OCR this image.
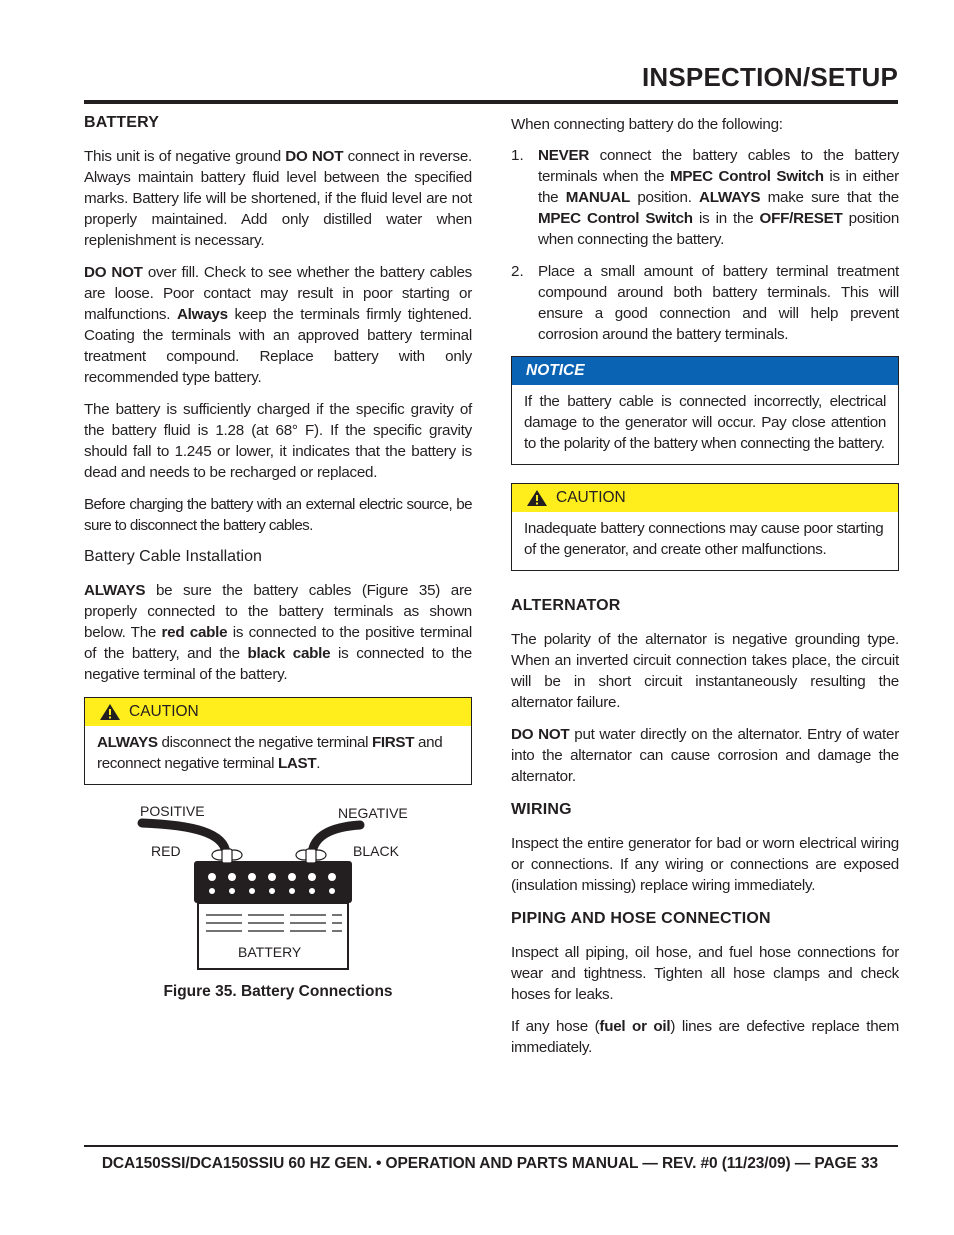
INSPECTION/SETUP
BATTERY

This unit is of negative ground DO NOT connect in reverse. Always maintain battery fluid level between the specified marks. Battery life will be shortened, if the fluid level are not properly maintained. Add only distilled water when replenishment is necessary.

DO NOT over fill. Check to see whether the battery cables are loose. Poor contact may result in poor starting or malfunctions. Always keep the terminals firmly tightened. Coating the terminals with an approved battery terminal treatment compound. Replace battery with only recommended type battery.

The battery is sufficiently charged if the specific gravity of the battery fluid is 1.28 (at 68° F). If the specific gravity should fall to 1.245 or lower, it indicates that the battery is dead and needs to be recharged or replaced.

Before charging the battery with an external electric source, be sure to disconnect the battery cables.

Battery Cable Installation

ALWAYS be sure the battery cables (Figure 35) are properly connected to the battery terminals as shown below. The red cable is connected to the positive terminal of the battery, and the black cable is connected to the negative terminal of the battery.

CAUTION

ALWAYS disconnect the negative terminal FIRST and reconnect negative terminal LAST.

POSITIVE	NEGATIVE
RED	BLACK
BATTERY
Figure 35. Battery Connections

When connecting battery do the following:

1. NEVER connect the battery cables to the battery terminals when the MPEC Control Switch is in either the MANUAL position. ALWAYS make sure that the MPEC Control Switch is in the OFF/RESET position when connecting the battery.

2. Place a small amount of battery terminal treatment compound around both battery terminals. This will ensure a good connection and will help prevent corrosion around the battery terminals.

NOTICE

If the battery cable is connected incorrectly, electrical damage to the generator will occur. Pay close attention to the polarity of the battery when connecting the battery.

CAUTION

Inadequate battery connections may cause poor starting of the generator, and create other malfunctions.

ALTERNATOR

The polarity of the alternator is negative grounding type. When an inverted circuit connection takes place, the circuit will be in short circuit instantaneously resulting the alternator failure.

DO NOT put water directly on the alternator. Entry of water into the alternator can cause corrosion and damage the alternator.

WIRING

Inspect the entire generator for bad or worn electrical wiring or connections. If any wiring or connections are exposed (insulation missing) replace wiring immediately.

PIPING AND HOSE CONNECTION

Inspect all piping, oil hose, and fuel hose connections for wear and tightness. Tighten all hose clamps and check hoses for leaks.

If any hose (fuel or oil) lines are defective replace them immediately.

DCA150SSI/DCA150SSIU 60 HZ GEN. • OPERATION AND PARTS MANUAL — REV. #0 (11/23/09) — PAGE 33
